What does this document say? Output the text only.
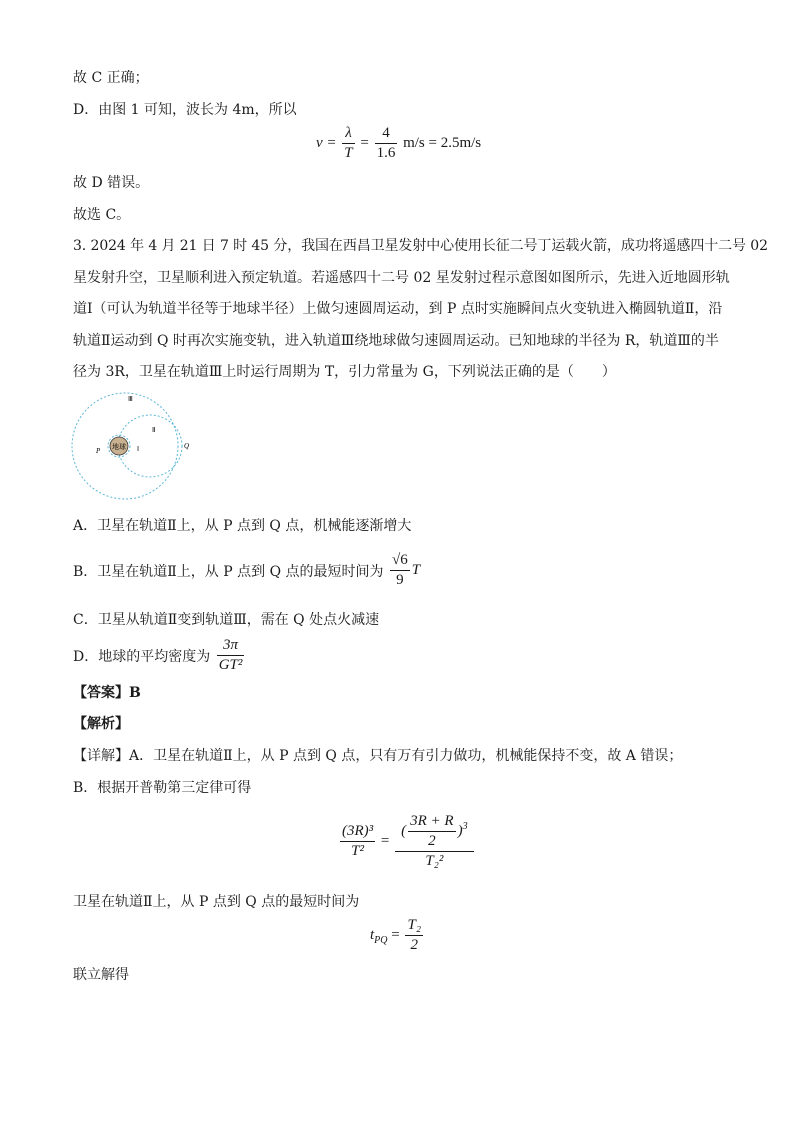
故 C 正确；
D．由图 1 可知，波长为 4m，所以
$v = \frac{\lambda}{T} = \frac{4}{1.6} m/s = 2.5m/s$
故 D 错误。
故选 C。
3. 2024 年 4 月 21 日 7 时 45 分，我国在西昌卫星发射中心使用长征二号丁运载火箭，成功将遥感四十二号 02
星发射升空，卫星顺利进入预定轨道。若遥感四十二号 02 星发射过程示意图如图所示，先进入近地圆形轨
道Ⅰ（可认为轨道半径等于地球半径）上做匀速圆周运动，到 P 点时实施瞬间点火变轨进入椭圆轨道Ⅱ，沿
轨道Ⅱ运动到 Q 时再次实施变轨，进入轨道Ⅲ绕地球做匀速圆周运动。已知地球的半径为 R，轨道Ⅲ的半
径为 3R，卫星在轨道Ⅲ上时运行周期为 T，引力常量为 G，下列说法正确的是（　　）
地球
Ⅲ
Ⅱ
Ⅰ
P
Q
A．卫星在轨道Ⅱ上，从 P 点到 Q 点，机械能逐渐增大
B．卫星在轨道Ⅱ上，从 P 点到 Q 点的最短时间为 $\frac{√6}{9}$ T
C．卫星从轨道Ⅱ变到轨道Ⅲ，需在 Q 处点火减速
D．地球的平均密度为 $\frac{3\pi}{\text{GT²}}$
【答案】B
【解析】
【详解】A．卫星在轨道Ⅱ上，从 P 点到 Q 点，只有万有引力做功，机械能保持不变，故 A 错误；
B．根据开普勒第三定律可得
$\frac{\text{(3R)³}}{\text{T²}} = \frac{( \frac{3R + R}{2} )^3}{\text{T₂²}}$
卫星在轨道Ⅱ上，从 P 点到 Q 点的最短时间为
$t_{PQ} = \frac{\text{T₂}}{2}$
联立解得
